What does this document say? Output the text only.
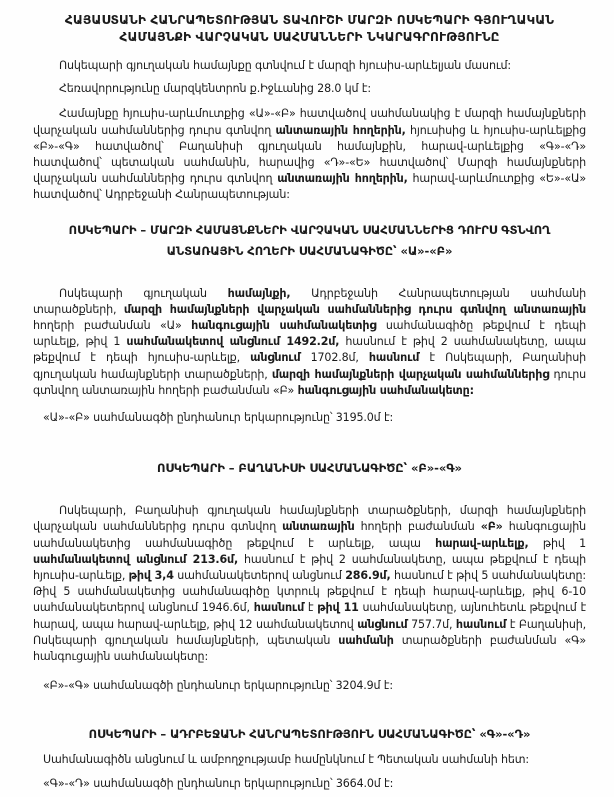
ՀԱՅԱՍՏԱՆԻ ՀԱՆՐԱՊԵՏՈՒԹՅԱՆ ՏԱՎՈՒՇԻ ՄԱՐԶԻ ՈՍԿԵՊԱՐԻ ԳՅՈՒՂԱԿԱՆ
ՀԱՄԱՅՆՔԻ ՎԱՐՉԱԿԱՆ ՍԱՀՄԱՆՆԵՐԻ ՆԿԱՐԱԳՐՈՒԹՅՈՒՆԸ

Ոսկեպարի գյուղական համայնքը գտնվում է մարզի հյուսիս-արևելյան մասում:

Հեռավորությունը մարզկենտրոն ք.Իջևանից 28.0 կմ է:

Համայնքը հյուսիս-արևմուտքից «Ա»-«Բ» հատվածով սահմանակից է մարզի համայնքների վարչական սահմաններից դուրս գտնվող անտառային հողերին, հյուսիսից և հյուսիս-արևելքից «Բ»-«Գ» հատվածով՝ Բաղանիսի գյուղական համայնքին, հարավ-արևելքից «Գ»-«Դ» հատվածով՝ պետական սահմանին, հարավից «Դ»-«Ե» հատվածով՝ Մարզի համայնքների վարչական սահմաններից դուրս գտնվող անտառային հողերին, հարավ-արևմուտքից «Ե»-«Ա» հատվածով՝ Ադրբեջանի Հանրապետության:

ՈՍԿԵՊԱՐԻ – ՄԱՐԶԻ ՀԱՄԱՅՆՔՆԵՐԻ ՎԱՐՉԱԿԱՆ ՍԱՀՄԱՆՆԵՐԻՑ ԴՈՒՐՍ ԳՏՆՎՈՂ
ԱՆՏԱՌԱՅԻՆ ՀՈՂԵՐԻ ՍԱՀՄԱՆԱԳԻԾԸ՝ «Ա»-«Բ»

Ոսկեպարի գյուղական համայնքի, Ադրբեջանի Հանրապետության սահմանի տարածքների, մարզի համայնքների վարչական սահմաններից դուրս գտնվող անտառային հողերի բաժանման «Ա» հանգուցային սահմանակետից սահմանագիծը թեքվում է դեպի արևելք, թիվ 1 սահմանակետով անցնում 1492.2մ, հասնում է թիվ 2 սահմանակետը, ապա թեքվում է դեպի հյուսիս-արևելք, անցնում 1702.8մ, հասնում է Ոսկեպարի, Բաղանիսի գյուղական համայնքների տարածքների, մարզի համայնքների վարչական սահմաններից դուրս գտնվող անտառային հողերի բաժանման «Բ» հանգուցային սահմանակետը:

«Ա»-«Բ» սահմանագծի ընդհանուր երկարությունը՝ 3195.0մ է:

ՈՍԿԵՊԱՐԻ – ԲԱՂԱՆԻՍԻ ՍԱՀՄԱՆԱԳԻԾԸ՝ «Բ»-«Գ»

Ոսկեպարի, Բաղանիսի գյուղական համայնքների տարածքների, մարզի համայնքների վարչական սահմաններից դուրս գտնվող անտառային հողերի բաժանման «Բ» հանգուցային սահմանակետից սահմանագիծը թեքվում է արևելք, ապա հարավ-արևելք, թիվ 1 սահմանակետով անցնում 213.6մ, հասնում է թիվ 2 սահմանակետը, ապա թեքվում է դեպի հյուսիս-արևելք, թիվ 3,4 սահմանակետերով անցնում 286.9մ, հասնում է թիվ 5 սահմանակետը: Թիվ 5 սահմանակետից սահմանագիծը կտրուկ թեքվում է դեպի հարավ-արևելք, թիվ 6-10 սահմանակետերով անցնում 1946.6մ, հասնում է թիվ 11 սահմանակետը, այնուհետև թեքվում է հարավ, ապա հարավ-արևելք, թիվ 12 սահմանակետով անցնում 757.7մ, հասնում է Բաղանիսի, Ոսկեպարի գյուղական համայնքների, պետական սահմանի տարածքների բաժանման «Գ» հանգուցային սահմանակետը:

«Բ»-«Գ» սահմանագծի ընդհանուր երկարությունը՝ 3204.9մ է:

ՈՍԿԵՊԱՐԻ – ԱԴՐԲԵՋԱՆԻ ՀԱՆՐԱՊԵՏՈՒԹՅՈՒՆ ՍԱՀՄԱՆԱԳԻԾԸ՝ «Գ»-«Դ»

Սահմանագիծն անցնում և ամբողջությամբ համընկնում է Պետական սահմանի հետ:

«Գ»-«Դ» սահմանագծի ընդհանուր երկարությունը՝ 3664.0մ է:
